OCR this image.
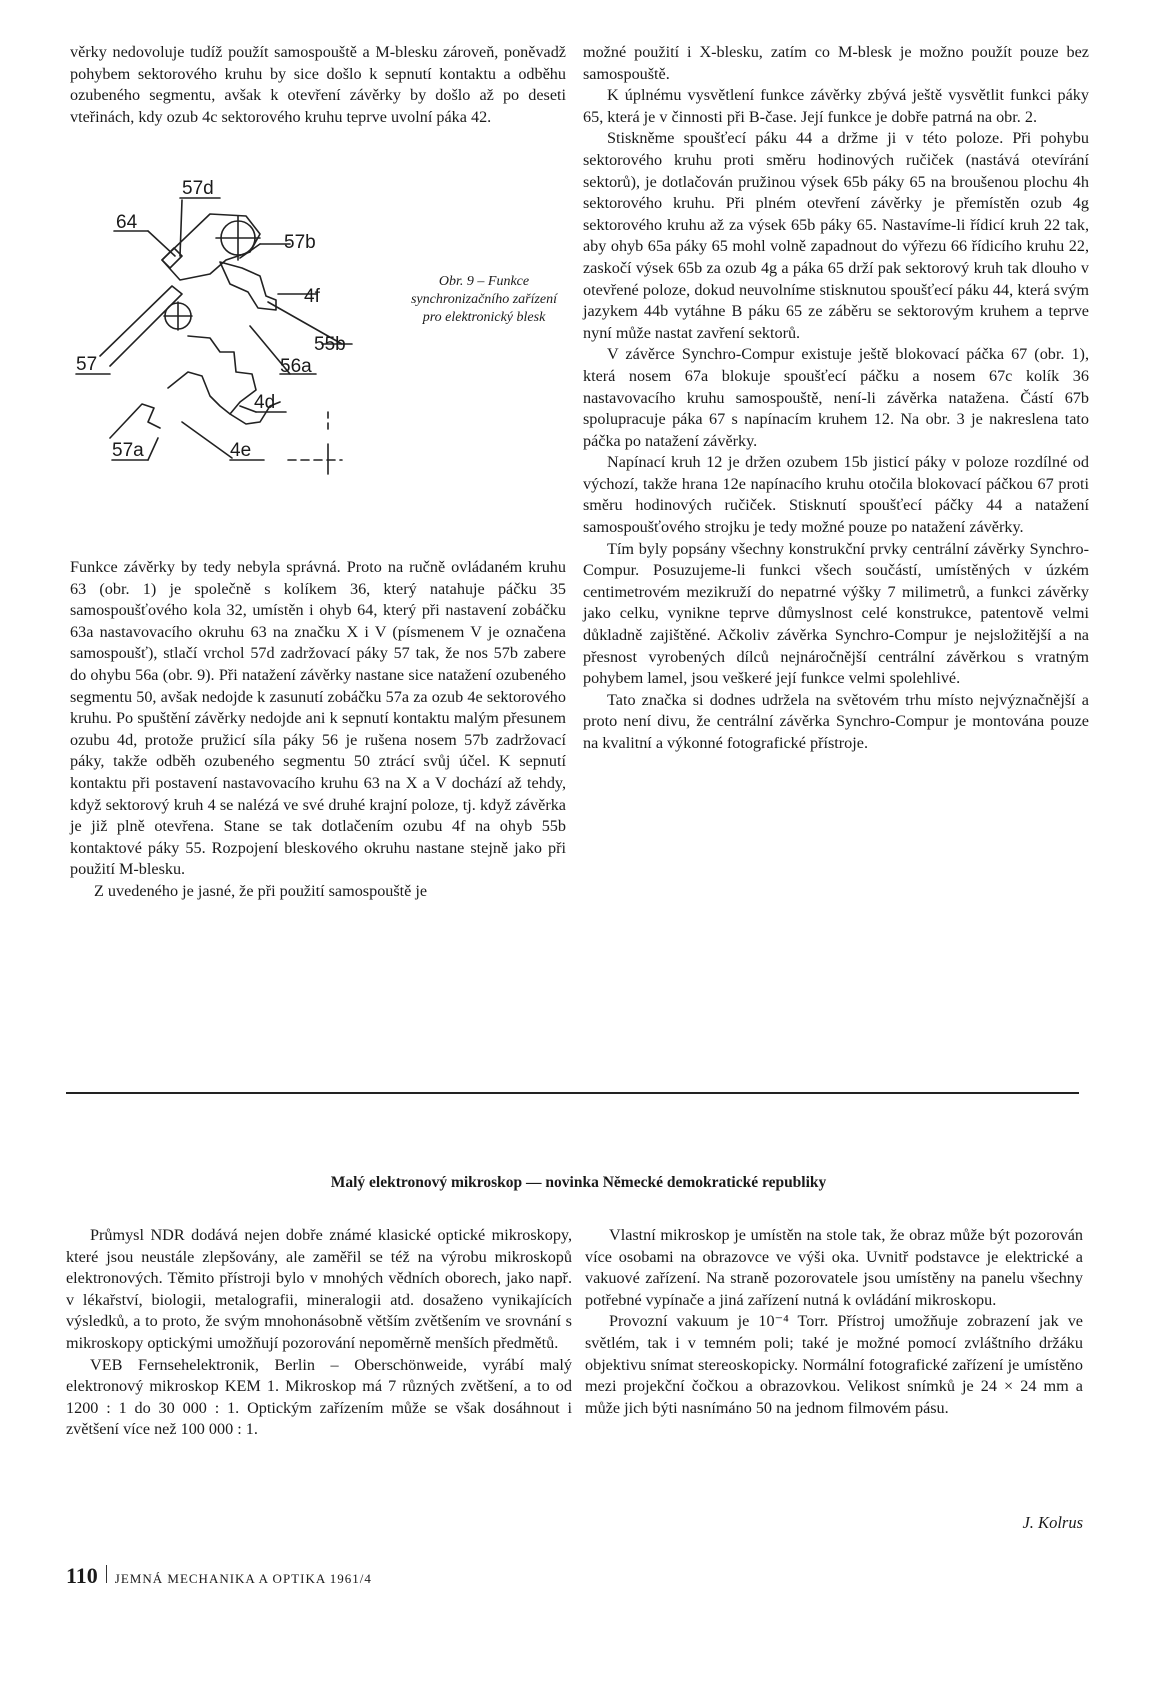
věrky nedovoluje tudíž použít samospouště a M-blesku zároveň, poněvadž pohybem sektorového kruhu by sice došlo k sepnutí kontaktu a odběhu ozubeného segmentu, avšak k otevření závěrky by došlo až po deseti vteřinách, kdy ozub 4c sektorového kruhu teprve uvolní páka 42.

57d
64
57b
4f
55b
57	56a
4d
57a	4e
Obr. 9 – Funkce synchronizačního zařízení pro elektronický blesk

Funkce závěrky by tedy nebyla správná. Proto na ručně ovládaném kruhu 63 (obr. 1) je společně s kolíkem 36, který natahuje páčku 35 samospoušťového kola 32, umístěn i ohyb 64, který při nastavení zobáčku 63a nastavovacího okruhu 63 na značku X i V (písmenem V je označena samospoušť), stlačí vrchol 57d zadržovací páky 57 tak, že nos 57b zabere do ohybu 56a (obr. 9). Při natažení závěrky nastane sice natažení ozubeného segmentu 50, avšak nedojde k zasunutí zobáčku 57a za ozub 4e sektorového kruhu. Po spuštění závěrky nedojde ani k sepnutí kontaktu malým přesunem ozubu 4d, protože pružicí síla páky 56 je rušena nosem 57b zadržovací páky, takže odběh ozubeného segmentu 50 ztrácí svůj účel. K sepnutí kontaktu při postavení nastavovacího kruhu 63 na X a V dochází až tehdy, když sektorový kruh 4 se nalézá ve své druhé krajní poloze, tj. když závěrka je již plně otevřena. Stane se tak dotlačením ozubu 4f na ohyb 55b kontaktové páky 55. Rozpojení bleskového okruhu nastane stejně jako při použití M-blesku.

Z uvedeného je jasné, že při použití samospouště je

možné použití i X-blesku, zatím co M-blesk je možno použít pouze bez samospouště.

K úplnému vysvětlení funkce závěrky zbývá ještě vysvětlit funkci páky 65, která je v činnosti při B-čase. Její funkce je dobře patrná na obr. 2.

Stiskněme spoušťecí páku 44 a držme ji v této poloze. Při pohybu sektorového kruhu proti směru hodinových ručiček (nastává otevírání sektorů), je dotlačován pružinou výsek 65b páky 65 na broušenou plochu 4h sektorového kruhu. Při plném otevření závěrky je přemístěn ozub 4g sektorového kruhu až za výsek 65b páky 65. Nastavíme-li řídicí kruh 22 tak, aby ohyb 65a páky 65 mohl volně zapadnout do výřezu 66 řídicího kruhu 22, zaskočí výsek 65b za ozub 4g a páka 65 drží pak sektorový kruh tak dlouho v otevřené poloze, dokud neuvolníme stisknutou spoušťecí páku 44, která svým jazykem 44b vytáhne B páku 65 ze záběru se sektorovým kruhem a teprve nyní může nastat zavření sektorů.

V závěrce Synchro-Compur existuje ještě blokovací páčka 67 (obr. 1), která nosem 67a blokuje spoušťecí páčku a nosem 67c kolík 36 nastavovacího kruhu samospouště, není-li závěrka natažena. Částí 67b spolupracuje páka 67 s napínacím kruhem 12. Na obr. 3 je nakreslena tato páčka po natažení závěrky.

Napínací kruh 12 je držen ozubem 15b jisticí páky v poloze rozdílné od výchozí, takže hrana 12e napínacího kruhu otočila blokovací páčkou 67 proti směru hodinových ručiček. Stisknutí spoušťecí páčky 44 a natažení samospoušťového strojku je tedy možné pouze po natažení závěrky.

Tím byly popsány všechny konstrukční prvky centrální závěrky Synchro-Compur. Posuzujeme-li funkci všech součástí, umístěných v úzkém centimetrovém mezikruží do nepatrné výšky 7 milimetrů, a funkci závěrky jako celku, vynikne teprve důmyslnost celé konstrukce, patentově velmi důkladně zajištěné. Ačkoliv závěrka Synchro-Compur je nejsložitější a na přesnost vyrobených dílců nejnáročnější centrální závěrkou s vratným pohybem lamel, jsou veškeré její funkce velmi spolehlivé.

Tato značka si dodnes udržela na světovém trhu místo nejvýznačnější a proto není divu, že centrální závěrka Synchro-Compur je montována pouze na kvalitní a výkonné fotografické přístroje.

Malý elektronový mikroskop — novinka Německé demokratické republiky

Průmysl NDR dodává nejen dobře známé klasické optické mikroskopy, které jsou neustále zlepšovány, ale zaměřil se též na výrobu mikroskopů elektronových. Těmito přístroji bylo v mnohých vědních oborech, jako např. v lékařství, biologii, metalografii, mineralogii atd. dosaženo vynikajících výsledků, a to proto, že svým mnohonásobně větším zvětšením ve srovnání s mikroskopy optickými umožňují pozorování nepoměrně menších předmětů.

VEB Fernsehelektronik, Berlin – Oberschönweide, vyrábí malý elektronový mikroskop KEM 1. Mikroskop má 7 různých zvětšení, a to od 1200 : 1 do 30 000 : 1. Optickým zařízením může se však dosáhnout i zvětšení více než 100 000 : 1.

Vlastní mikroskop je umístěn na stole tak, že obraz může být pozorován více osobami na obrazovce ve výši oka. Uvnitř podstavce je elektrické a vakuové zařízení. Na straně pozorovatele jsou umístěny na panelu všechny potřebné vypínače a jiná zařízení nutná k ovládání mikroskopu.

Provozní vakuum je 10⁻⁴ Torr. Přístroj umožňuje zobrazení jak ve světlém, tak i v temném poli; také je možné pomocí zvláštního držáku objektivu snímat stereoskopicky. Normální fotografické zařízení je umístěno mezi projekční čočkou a obrazovkou. Velikost snímků je 24 × 24 mm a může jich býti nasnímáno 50 na jednom filmovém pásu.

J. Kolrus
110 JEMNÁ MECHANIKA A OPTIKA 1961/4
